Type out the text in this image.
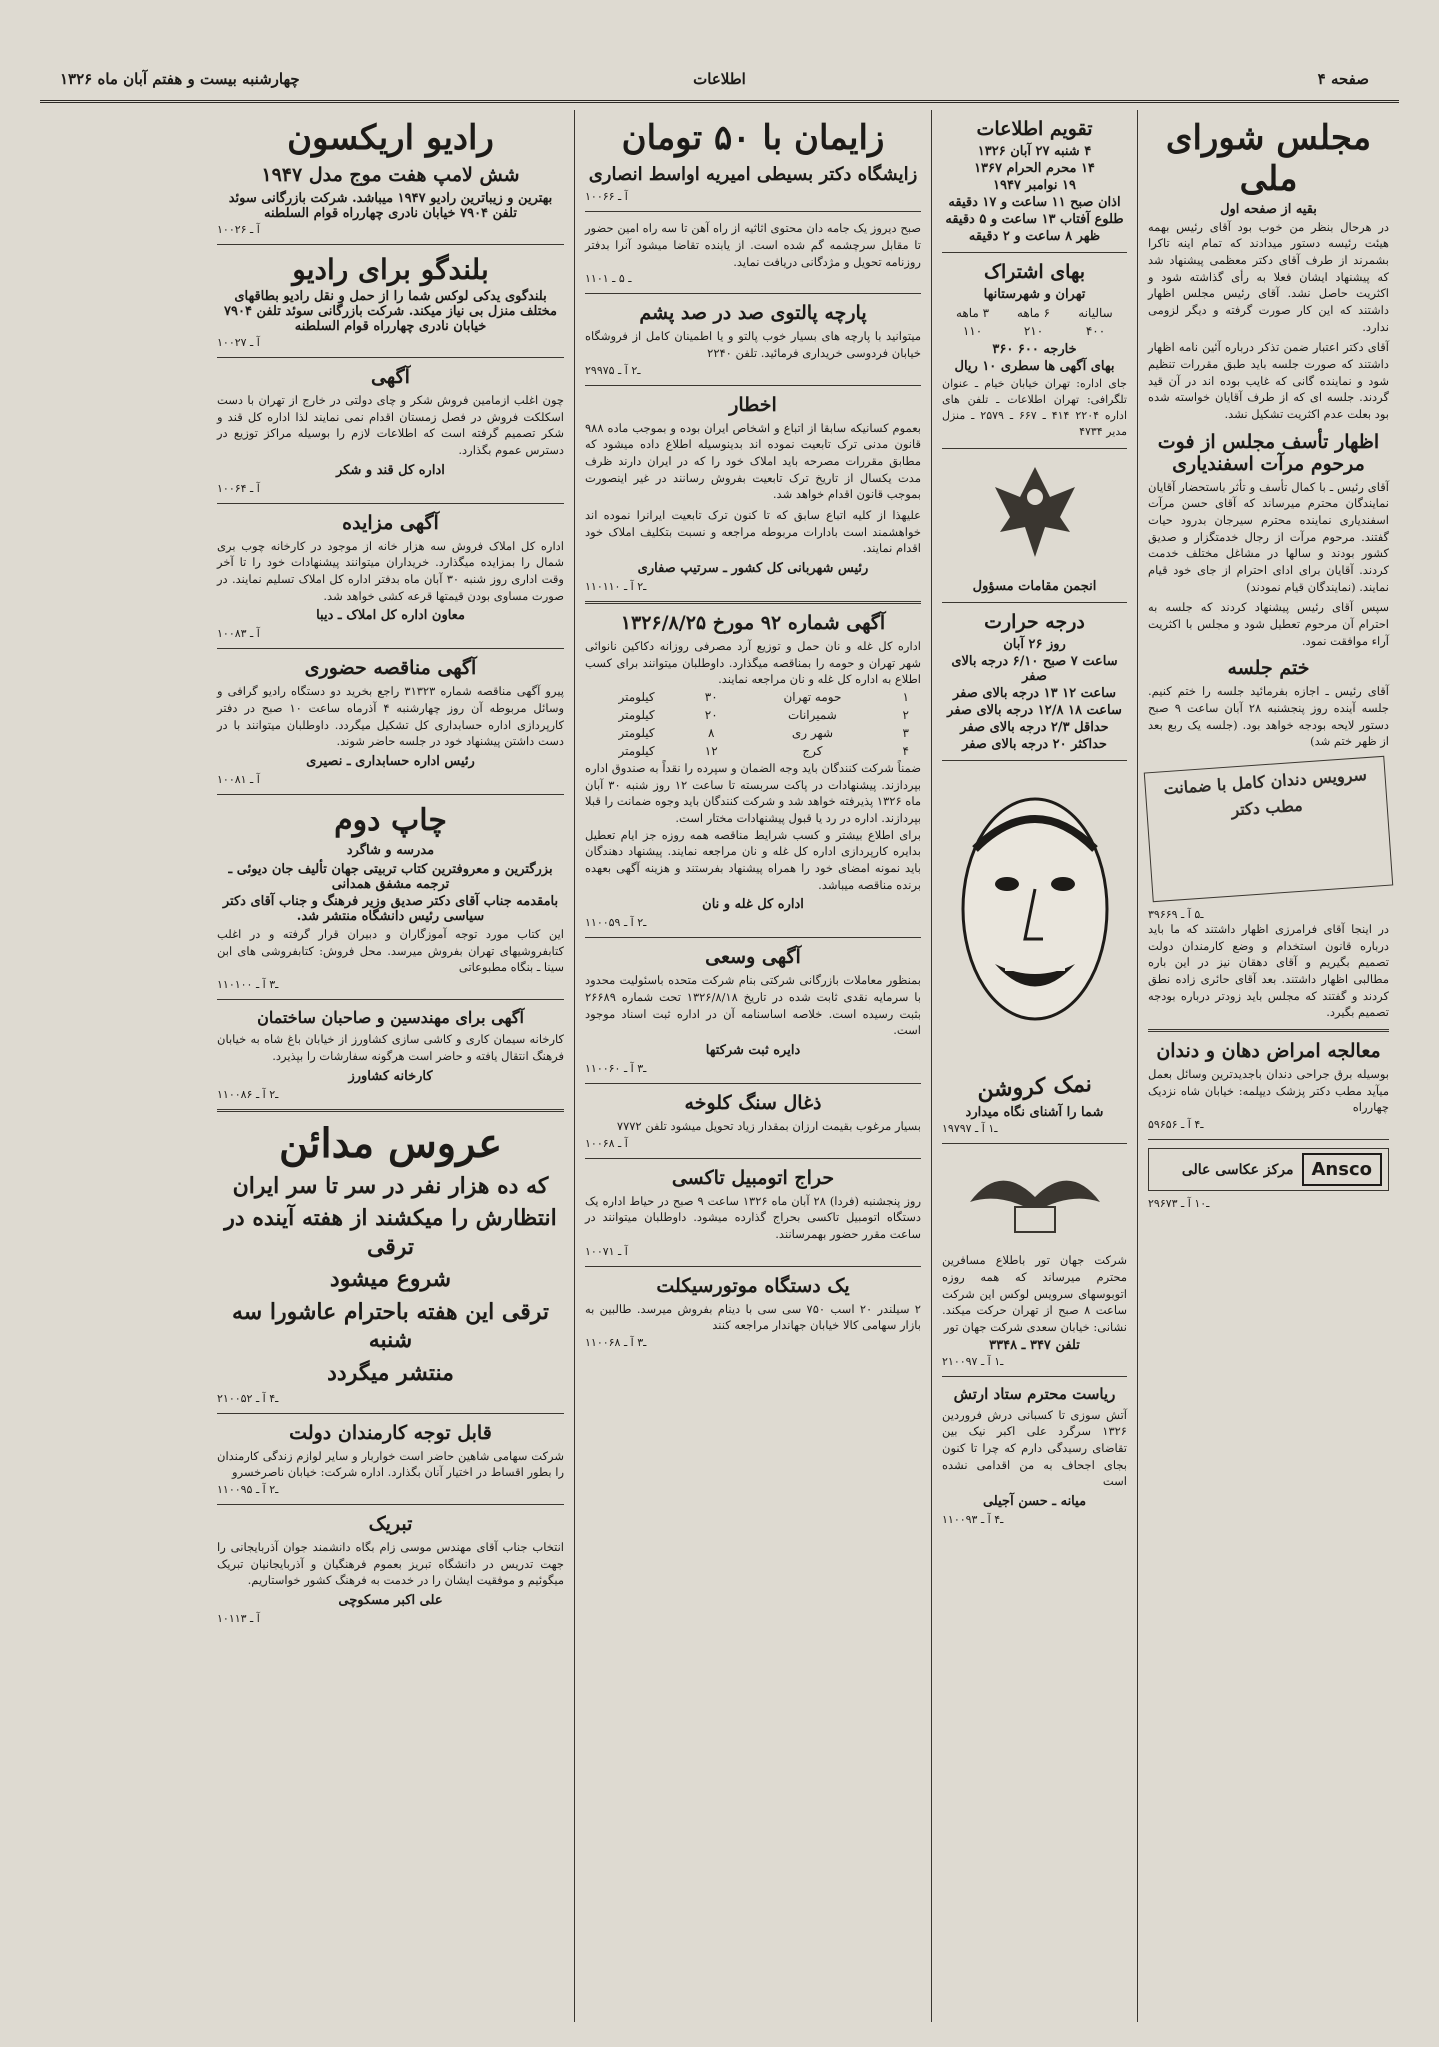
صفحه ۴
اطلاعات
چهارشنبه بیست و هفتم آبان ماه ۱۳۲۶
مجلس شورای ملی
بقیه از صفحه اول

در هرحال بنظر من خوب بود آقای رئیس بهمه هیئت رئیسه دستور میدادند که تمام اینه تاکرا بشمرند از طرف آقای دکتر معظمی پیشنهاد شد که پیشنهاد ایشان فعلا به رأی گذاشته شود و اکثریت حاصل نشد. آقای رئیس مجلس اظهار داشتند که این کار صورت گرفته و دیگر لزومی ندارد.

آقای دکتر اعتبار ضمن تذکر درباره آئین نامه اظهار داشتند که صورت جلسه باید طبق مقررات تنظیم شود و نماینده گانی که غایب بوده اند در آن قید گردند. جلسه ای که از طرف آقایان خواسته شده بود بعلت عدم اکثریت تشکیل نشد.

اظهار تأسف مجلس از فوت مرحوم مرآت اسفندیاری

آقای رئیس ـ با کمال تأسف و تأثر باستحضار آقایان نمایندگان محترم میرساند که آقای حسن مرآت اسفندیاری نماینده محترم سیرجان بدرود حیات گفتند. مرحوم مرآت از رجال خدمتگزار و صدیق کشور بودند و سالها در مشاغل مختلف خدمت کردند. آقایان برای ادای احترام از جای خود قیام نمایند. (نمایندگان قیام نمودند)

سپس آقای رئیس پیشنهاد کردند که جلسه به احترام آن مرحوم تعطیل شود و مجلس با اکثریت آراء موافقت نمود.

ختم جلسه

آقای رئیس ـ اجازه بفرمائید جلسه را ختم کنیم. جلسه آینده روز پنجشنبه ۲۸ آبان ساعت ۹ صبح دستور لایحه بودجه خواهد بود. (جلسه یک ربع بعد از ظهر ختم شد)

سرویس دندان کامل با ضمانت مطب دکتر
۳ـ۵ آ ـ ۹۶۶۹

در اینجا آقای فرامرزی اظهار داشتند که ما باید درباره قانون استخدام و وضع کارمندان دولت تصمیم بگیریم و آقای دهقان نیز در این باره مطالبی اظهار داشتند. بعد آقای حائری زاده نطق کردند و گفتند که مجلس باید زودتر درباره بودجه تصمیم بگیرد.

معالجه امراض دهان و دندان
بوسیله برق جراحی دندان باجدیدترین وسائل بعمل میآید مطب دکتر پزشک دیپلمه: خیابان شاه نزدیک چهارراه
۵ـ۴ آ ـ ۹۶۵۶
Ansco
مرکز عکاسی عالی
۲ـ۱۰ آ ـ ۹۶۷۳
تقویم اطلاعات
۴ شنبه ۲۷ آبان ۱۳۲۶
۱۴ محرم الحرام ۱۳۶۷
۱۹ نوامبر ۱۹۴۷
اذان صبح ۱۱ ساعت و ۱۷ دقیقه
طلوع آفتاب ۱۳ ساعت و ۵ دقیقه
ظهر ۸ ساعت و ۲ دقیقه
بهای اشتراک
تهران و شهرستانها
سالیانه	۶ ماهه	۳ ماهه
۴۰۰	۲۱۰	۱۱۰
خارجه ۶۰۰ ۳۶۰
بهای آگهی ها سطری ۱۰ ریال
جای اداره: تهران خیابان خیام ـ عنوان تلگرافی: تهران اطلاعات ـ تلفن های اداره ۲۲۰۴ ۴۱۴ ـ ۶۶۷ ـ ۲۵۷۹ ـ منزل مدیر ۴۷۳۴
انجمن مقامات مسؤول
درجه حرارت
روز ۲۶ آبان
ساعت ۷ صبح ۶/۱۰ درجه بالای صفر
ساعت ۱۲ ۱۳ درجه بالای صفر
ساعت ۱۸ ۱۲/۸ درجه بالای صفر
حداقل ۲/۳ درجه بالای صفر
حداکثر ۲۰ درجه بالای صفر
نمک کروشن
شما را آشنای نگاه میدارد
۱ـ۱ آ ـ ۹۷۹۷
شرکت جهان تور باطلاع مسافرین محترم میرساند که همه روزه اتوبوسهای سرویس لوکس این شرکت ساعت ۸ صبح از تهران حرکت میکند. نشانی: خیابان سعدی شرکت جهان تور
تلفن ۳۴۷ ـ ۳۳۴۸
۲ـ۱ آ ـ ۱۰۰۹۷
ریاست محترم ستاد ارتش
آتش سوزی تا کسبانی درش فروردین ۱۳۲۶ سرگرد علی اکبر نیک بین تقاضای رسیدگی دارم که چرا تا کنون بجای اجحاف به من اقدامی نشده است
میانه ـ حسن آجیلی
۱ـ۴ آ ـ ۱۰۰۹۳
زایمان با ۵۰ تومان
زایشگاه دکتر بسیطی امیریه اواسط انصاری
آ ـ ۱۰۰۶۶
صبح دیروز یک جامه دان محتوی اثاثیه از راه آهن تا سه راه امین حضور تا مقابل سرچشمه گم شده است. از یابنده تقاضا میشود آنرا بدفتر روزنامه تحویل و مژدگانی دریافت نماید.
۱ـ ۵ ـ ۱۰۱
پارچه پالتوی صد در صد پشم
میتوانید با پارچه های بسیار خوب پالتو و یا اطمینان کامل از فروشگاه خیابان فردوسی خریداری فرمائید. تلفن ۲۲۴۰
۲ـ۲ آ ـ ۹۹۷۵
اخطار

بعموم کسانیکه سابقا از اتباع و اشخاص ایران بوده و بموجب ماده ۹۸۸ قانون مدنی ترک تابعیت نموده اند بدینوسیله اطلاع داده میشود که مطابق مقررات مصرحه باید املاک خود را که در ایران دارند ظرف مدت یکسال از تاریخ ترک تابعیت بفروش رسانند در غیر اینصورت بموجب قانون اقدام خواهد شد.

علیهذا از کلیه اتباع سابق که تا کنون ترک تابعیت ایرانرا نموده اند خواهشمند است بادارات مربوطه مراجعه و نسبت بتکلیف املاک خود اقدام نمایند.

رئیس شهربانی کل کشور ـ سرتیپ صفاری
۱ـ۲ آ ـ ۱۰۱۱۰
آگهی شماره ۹۲ مورخ ۱۳۲۶/۸/۲۵
اداره کل غله و نان حمل و توزیع آرد مصرفی روزانه دکاکین نانوائی شهر تهران و حومه را بمناقصه میگذارد. داوطلبان میتوانند برای کسب اطلاع به اداره کل غله و نان مراجعه نمایند.
۱	حومه تهران	۳۰	کیلومتر
۲	شمیرانات	۲۰	کیلومتر
۳	شهر ری	۸	کیلومتر
۴	کرج	۱۲	کیلومتر
ضمناً شرکت کنندگان باید وجه الضمان و سپرده را نقداً به صندوق اداره بپردازند. پیشنهادات در پاکت سربسته تا ساعت ۱۲ روز شنبه ۳۰ آبان ماه ۱۳۲۶ پذیرفته خواهد شد و شرکت کنندگان باید وجوه ضمانت را قبلا بپردازند. اداره در رد یا قبول پیشنهادات مختار است.
برای اطلاع بیشتر و کسب شرایط مناقصه همه روزه جز ایام تعطیل بدایره کارپردازی اداره کل غله و نان مراجعه نمایند. پیشنهاد دهندگان باید نمونه امضای خود را همراه پیشنهاد بفرستند و هزینه آگهی بعهده برنده مناقصه میباشد.
اداره کل غله و نان
۱ـ۲ آ ـ ۱۰۰۵۹
آگهی وسعی
بمنظور معاملات بازرگانی شرکتی بنام شرکت متحده باسئولیت محدود با سرمایه نقدی ثابت شده در تاریخ ۱۳۲۶/۸/۱۸ تحت شماره ۲۶۶۸۹ بثبت رسیده است. خلاصه اساسنامه آن در اداره ثبت اسناد موجود است.
دایره ثبت شرکتها
۱ـ۳ آ ـ ۱۰۰۶۰
ذغال سنگ کلوخه
بسیار مرغوب بقیمت ارزان بمقدار زیاد تحویل میشود تلفن ۷۷۷۲
آ ـ ۱۰۰۶۸
حراج اتومبیل تاکسی
روز پنجشنبه (فردا) ۲۸ آبان ماه ۱۳۲۶ ساعت ۹ صبح در حیاط اداره یک دستگاه اتومبیل تاکسی بحراج گذارده میشود. داوطلبان میتوانند در ساعت مقرر حضور بهمرسانند.
آ ـ ۱۰۰۷۱
یک دستگاه موتورسیکلت
۲ سیلندر ۲۰ اسب ۷۵۰ سی سی با دینام بفروش میرسد. طالبین به بازار سهامی کالا خیابان جهاندار مراجعه کنند
۱ـ۳ آ ـ ۱۰۰۶۸
رادیو اریکسون
شش لامپ هفت موج مدل ۱۹۴۷
بهترین و زیباترین رادیو ۱۹۴۷ میباشد. شرکت بازرگانی سوئد تلفن ۷۹۰۴ خیابان نادری چهارراه قوام السلطنه
آ ـ ۱۰۰۲۶
بلندگو برای رادیو
بلندگوی یدکی لوکس شما را از حمل و نقل رادیو بطاقهای مختلف منزل بی نیاز میکند. شرکت بازرگانی سوئد تلفن ۷۹۰۴ خیابان نادری چهارراه قوام السلطنه
آ ـ ۱۰۰۲۷
آگهی
چون اغلب ازمامین فروش شکر و چای دولتی در خارج از تهران با دست اسکلکت فروش در فصل زمستان اقدام نمی نمایند لذا اداره کل قند و شکر تصمیم گرفته است که اطلاعات لازم را بوسیله مراکز توزیع در دسترس عموم بگذارد.
اداره کل قند و شکر
آ ـ ۱۰۰۶۴
آگهی مزایده
اداره کل املاک فروش سه هزار خانه از موجود در کارخانه چوب بری شمال را بمزایده میگذارد. خریداران میتوانند پیشنهادات خود را تا آخر وقت اداری روز شنبه ۳۰ آبان ماه بدفتر اداره کل املاک تسلیم نمایند. در صورت مساوی بودن قیمتها قرعه کشی خواهد شد.
معاون اداره کل املاک ـ دیبا
آ ـ ۱۰۰۸۳
آگهی مناقصه حضوری
پیرو آگهی مناقصه شماره ۳۱۳۲۳ راجع بخرید دو دستگاه رادیو گرافی و وسائل مربوطه آن روز چهارشنبه ۴ آذرماه ساعت ۱۰ صبح در دفتر کارپردازی اداره حسابداری کل تشکیل میگردد. داوطلبان میتوانند با در دست داشتن پیشنهاد خود در جلسه حاضر شوند.
رئیس اداره حسابداری ـ نصیری
آ ـ ۱۰۰۸۱
چاپ دوم
مدرسه و شاگرد
بزرگترین و معروفترین کتاب تربیتی جهان تألیف جان دیوئی ـ ترجمه مشفق همدانی
بامقدمه جناب آقای دکتر صدیق وزیر فرهنگ و جناب آقای دکتر سیاسی رئیس دانشگاه منتشر شد.
این کتاب مورد توجه آموزگاران و دبیران قرار گرفته و در اغلب کتابفروشیهای تهران بفروش میرسد. محل فروش: کتابفروشی های ابن سینا ـ بنگاه مطبوعاتی
۱ـ۳ آ ـ ۱۰۱۰۰
آگهی برای مهندسین و صاحبان ساختمان
کارخانه سیمان کاری و کاشی سازی کشاورز از خیابان باغ شاه به خیابان فرهنگ انتقال یافته و حاضر است هرگونه سفارشات را بپذیرد.
کارخانه کشاورز
۱ـ۲ آ ـ ۱۰۰۸۶
عروس مدائن
که ده هزار نفر در سر تا سر ایران
انتظارش را میکشند از هفته آینده در ترقی
شروع میشود
ترقی این هفته باحترام عاشورا سه شنبه
منتشر میگردد
۲ـ۴ آ ـ ۱۰۰۵۲
قابل توجه کارمندان دولت
شرکت سهامی شاهین حاضر است خواربار و سایر لوازم زندگی کارمندان را بطور اقساط در اختیار آنان بگذارد. اداره شرکت: خیابان ناصرخسرو
۱ـ۲ آ ـ ۱۰۰۹۵
تبریک
انتخاب جناب آقای مهندس موسی زام بگاه دانشمند جوان آذربایجانی را جهت تدریس در دانشگاه تبریز بعموم فرهنگیان و آذربایجانیان تبریک میگوئیم و موفقیت ایشان را در خدمت به فرهنگ کشور خواستاریم.
علی اکبر مسکوچی
آ ـ ۱۰۱۱۳
